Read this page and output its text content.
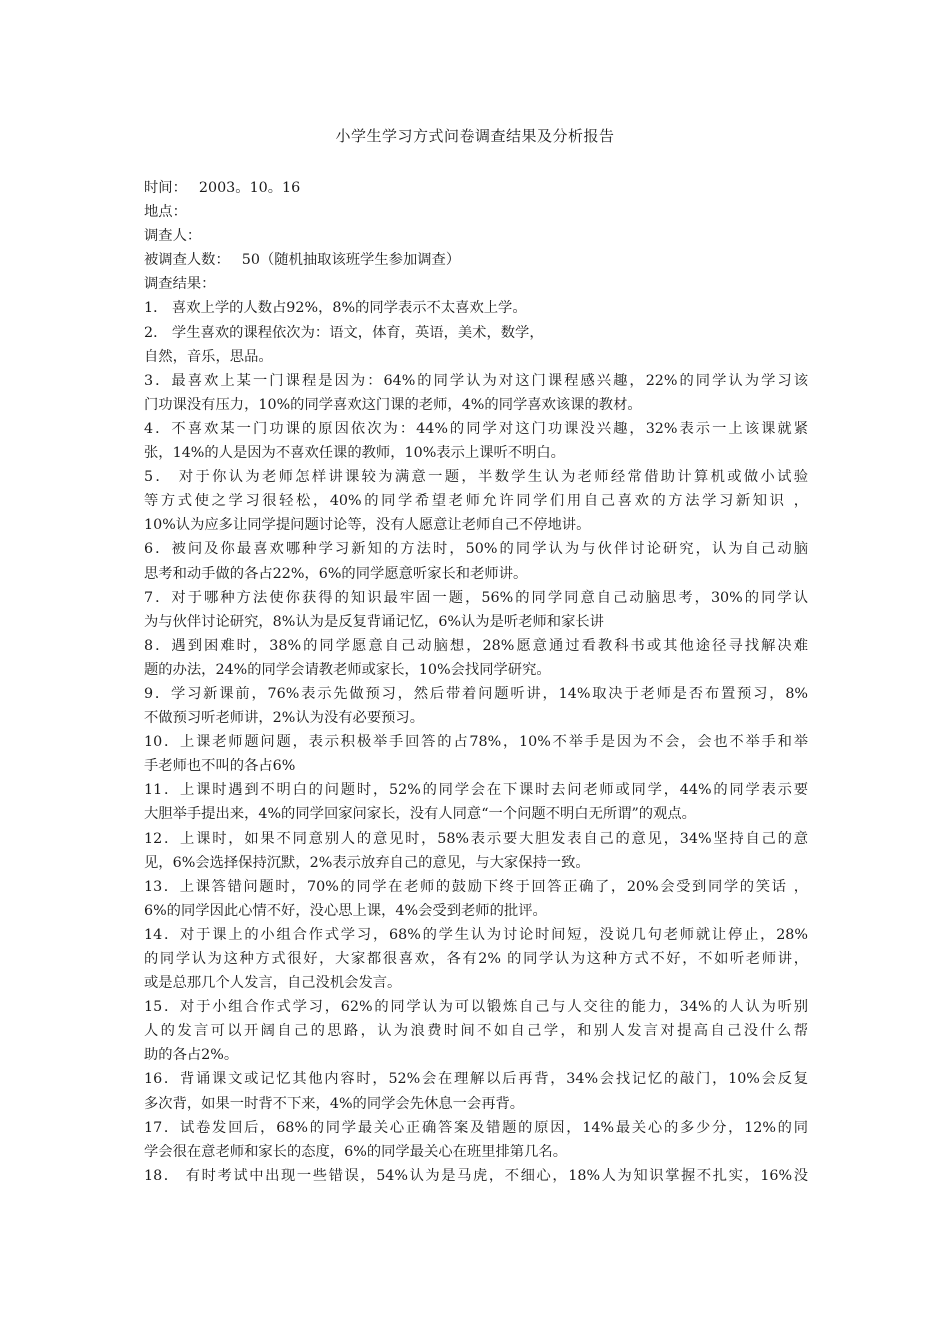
小学生学习方式问卷调查结果及分析报告
时间： 2003。10。16
地点：
调查人：
被调查人数： 50（随机抽取该班学生参加调查）
调查结果：
1． 喜欢上学的人数占92%，8%的同学表示不太喜欢上学。
2． 学生喜欢的课程依次为：语文，体育，英语，美术，数学，
自然，音乐，思品。
3．最喜欢上某一门课程是因为：64%的同学认为对这门课程感兴趣，22%的同学认为学习该
门功课没有压力，10%的同学喜欢这门课的老师，4%的同学喜欢该课的教材。
4．不喜欢某一门功课的原因依次为：44%的同学对这门功课没兴趣，32%表示一上该课就紧
张，14%的人是因为不喜欢任课的教师，10%表示上课听不明白。
5． 对于你认为老师怎样讲课较为满意一题，半数学生认为老师经常借助计算机或做小试验
等方式使之学习很轻松，40%的同学希望老师允许同学们用自己喜欢的方法学习新知识 ，
10%认为应多让同学提问题讨论等，没有人愿意让老师自己不停地讲。
6．被问及你最喜欢哪种学习新知的方法时，50%的同学认为与伙伴讨论研究，认为自己动脑
思考和动手做的各占22%，6%的同学愿意听家长和老师讲。
7．对于哪种方法使你获得的知识最牢固一题，56%的同学同意自己动脑思考，30%的同学认
为与伙伴讨论研究，8%认为是反复背诵记忆，6%认为是听老师和家长讲
8．遇到困难时，38%的同学愿意自己动脑想，28%愿意通过看教科书或其他途径寻找解决难
题的办法，24%的同学会请教老师或家长，10%会找同学研究。
9．学习新课前，76%表示先做预习，然后带着问题听讲，14%取决于老师是否布置预习，8%
不做预习听老师讲，2%认为没有必要预习。
10．上课老师题问题，表示积极举手回答的占78%，10%不举手是因为不会，会也不举手和举
手老师也不叫的各占6%
11．上课时遇到不明白的问题时，52%的同学会在下课时去问老师或同学，44%的同学表示要
大胆举手提出来，4%的同学回家问家长，没有人同意“一个问题不明白无所谓”的观点。
12．上课时，如果不同意别人的意见时，58%表示要大胆发表自己的意见，34%坚持自己的意
见，6%会选择保持沉默，2%表示放弃自己的意见，与大家保持一致。
13．上课答错问题时，70%的同学在老师的鼓励下终于回答正确了，20%会受到同学的笑话 ，
6%的同学因此心情不好，没心思上课，4%会受到老师的批评。
14．对于课上的小组合作式学习，68%的学生认为讨论时间短，没说几句老师就让停止，28%
的同学认为这种方式很好，大家都很喜欢，各有2% 的同学认为这种方式不好，不如听老师讲，
或是总那几个人发言，自己没机会发言。
15．对于小组合作式学习，62%的同学认为可以锻炼自己与人交往的能力，34%的人认为听别
人的发言可以开阔自己的思路，认为浪费时间不如自己学，和别人发言对提高自己没什么帮
助的各占2%。
16．背诵课文或记忆其他内容时，52%会在理解以后再背，34%会找记忆的敲门，10%会反复
多次背，如果一时背不下来，4%的同学会先休息一会再背。
17．试卷发回后，68%的同学最关心正确答案及错题的原因，14%最关心的多少分，12%的同
学会很在意老师和家长的态度，6%的同学最关心在班里排第几名。
18． 有时考试中出现一些错误，54%认为是马虎，不细心，18%人为知识掌握不扎实，16%没
